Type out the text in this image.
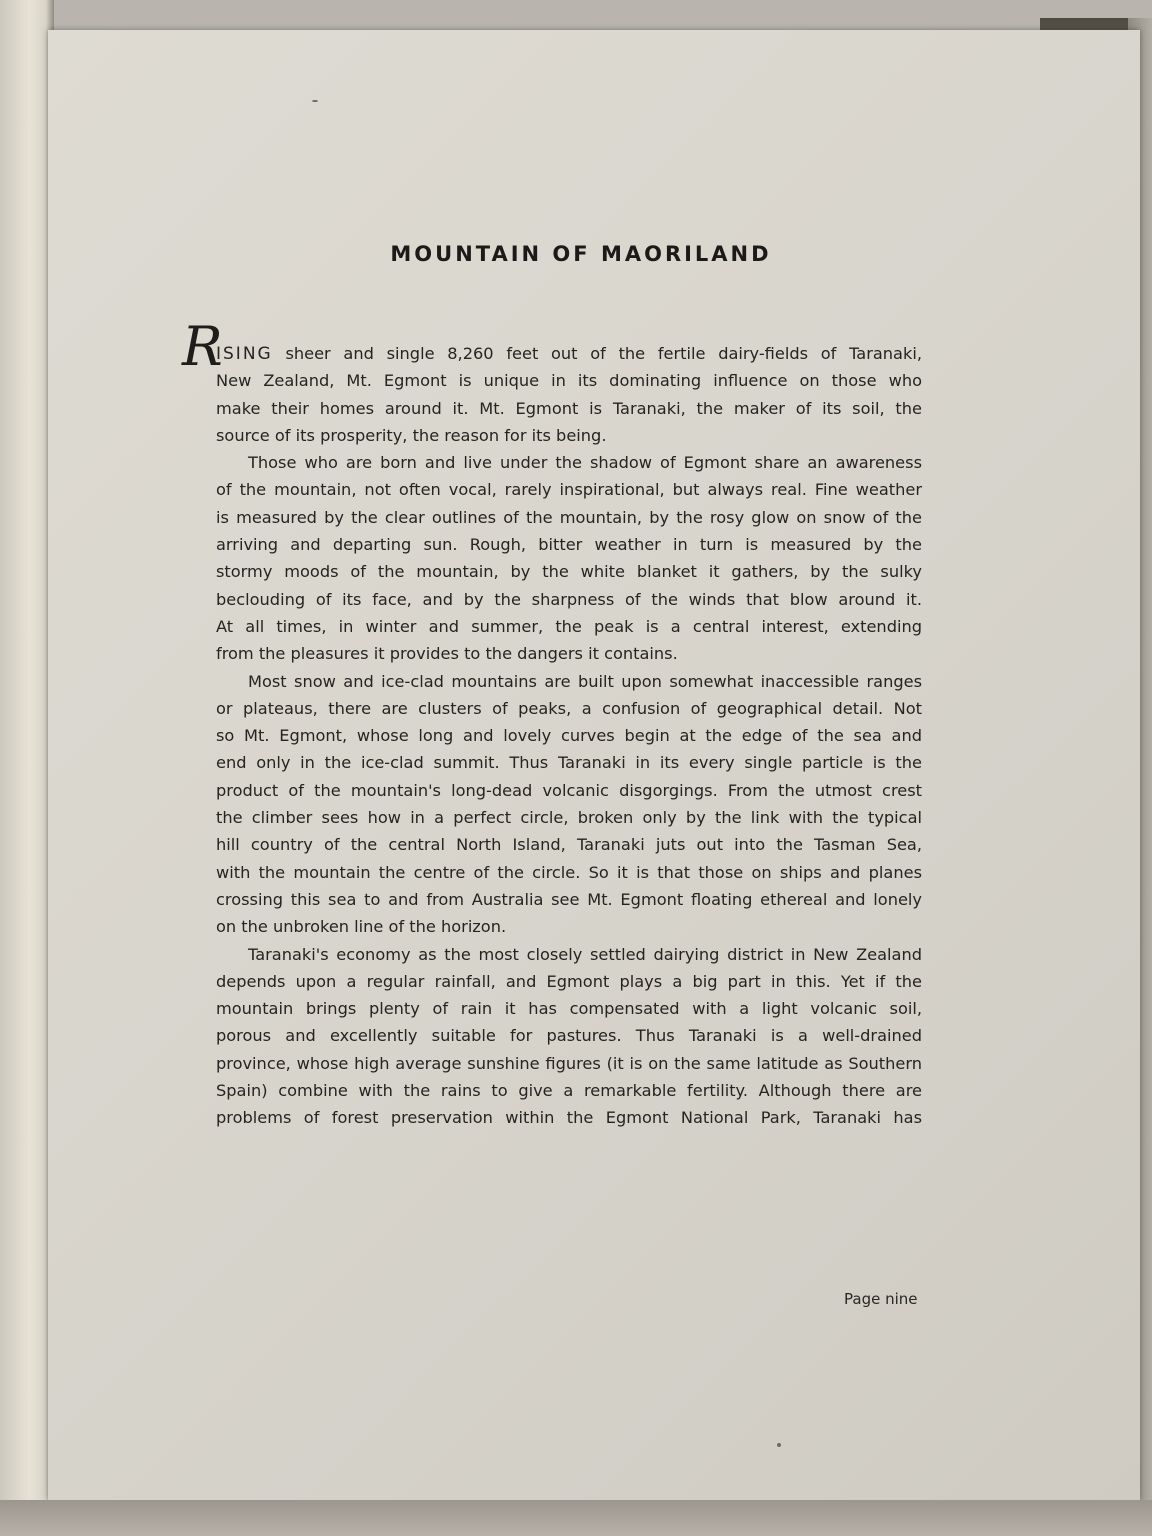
MOUNTAIN OF MAORILAND
R
ISING sheer and single 8,260 feet out of the fertile dairy-fields of Taranaki,
New Zealand, Mt. Egmont is unique in its dominating influence on those who
make their homes around it. Mt. Egmont is Taranaki, the maker of its soil, the
source of its prosperity, the reason for its being.
Those who are born and live under the shadow of Egmont share an awareness
of the mountain, not often vocal, rarely inspirational, but always real. Fine weather
is measured by the clear outlines of the mountain, by the rosy glow on snow of the
arriving and departing sun. Rough, bitter weather in turn is measured by the
stormy moods of the mountain, by the white blanket it gathers, by the sulky
beclouding of its face, and by the sharpness of the winds that blow around it.
At all times, in winter and summer, the peak is a central interest, extending
from the pleasures it provides to the dangers it contains.
Most snow and ice-clad mountains are built upon somewhat inaccessible ranges
or plateaus, there are clusters of peaks, a confusion of geographical detail. Not
so Mt. Egmont, whose long and lovely curves begin at the edge of the sea and
end only in the ice-clad summit. Thus Taranaki in its every single particle is the
product of the mountain's long-dead volcanic disgorgings. From the utmost crest
the climber sees how in a perfect circle, broken only by the link with the typical
hill country of the central North Island, Taranaki juts out into the Tasman Sea,
with the mountain the centre of the circle. So it is that those on ships and planes
crossing this sea to and from Australia see Mt. Egmont floating ethereal and lonely
on the unbroken line of the horizon.
Taranaki's economy as the most closely settled dairying district in New Zealand
depends upon a regular rainfall, and Egmont plays a big part in this. Yet if the
mountain brings plenty of rain it has compensated with a light volcanic soil,
porous and excellently suitable for pastures. Thus Taranaki is a well-drained
province, whose high average sunshine figures (it is on the same latitude as Southern
Spain) combine with the rains to give a remarkable fertility. Although there are
problems of forest preservation within the Egmont National Park, Taranaki has
Page nine
